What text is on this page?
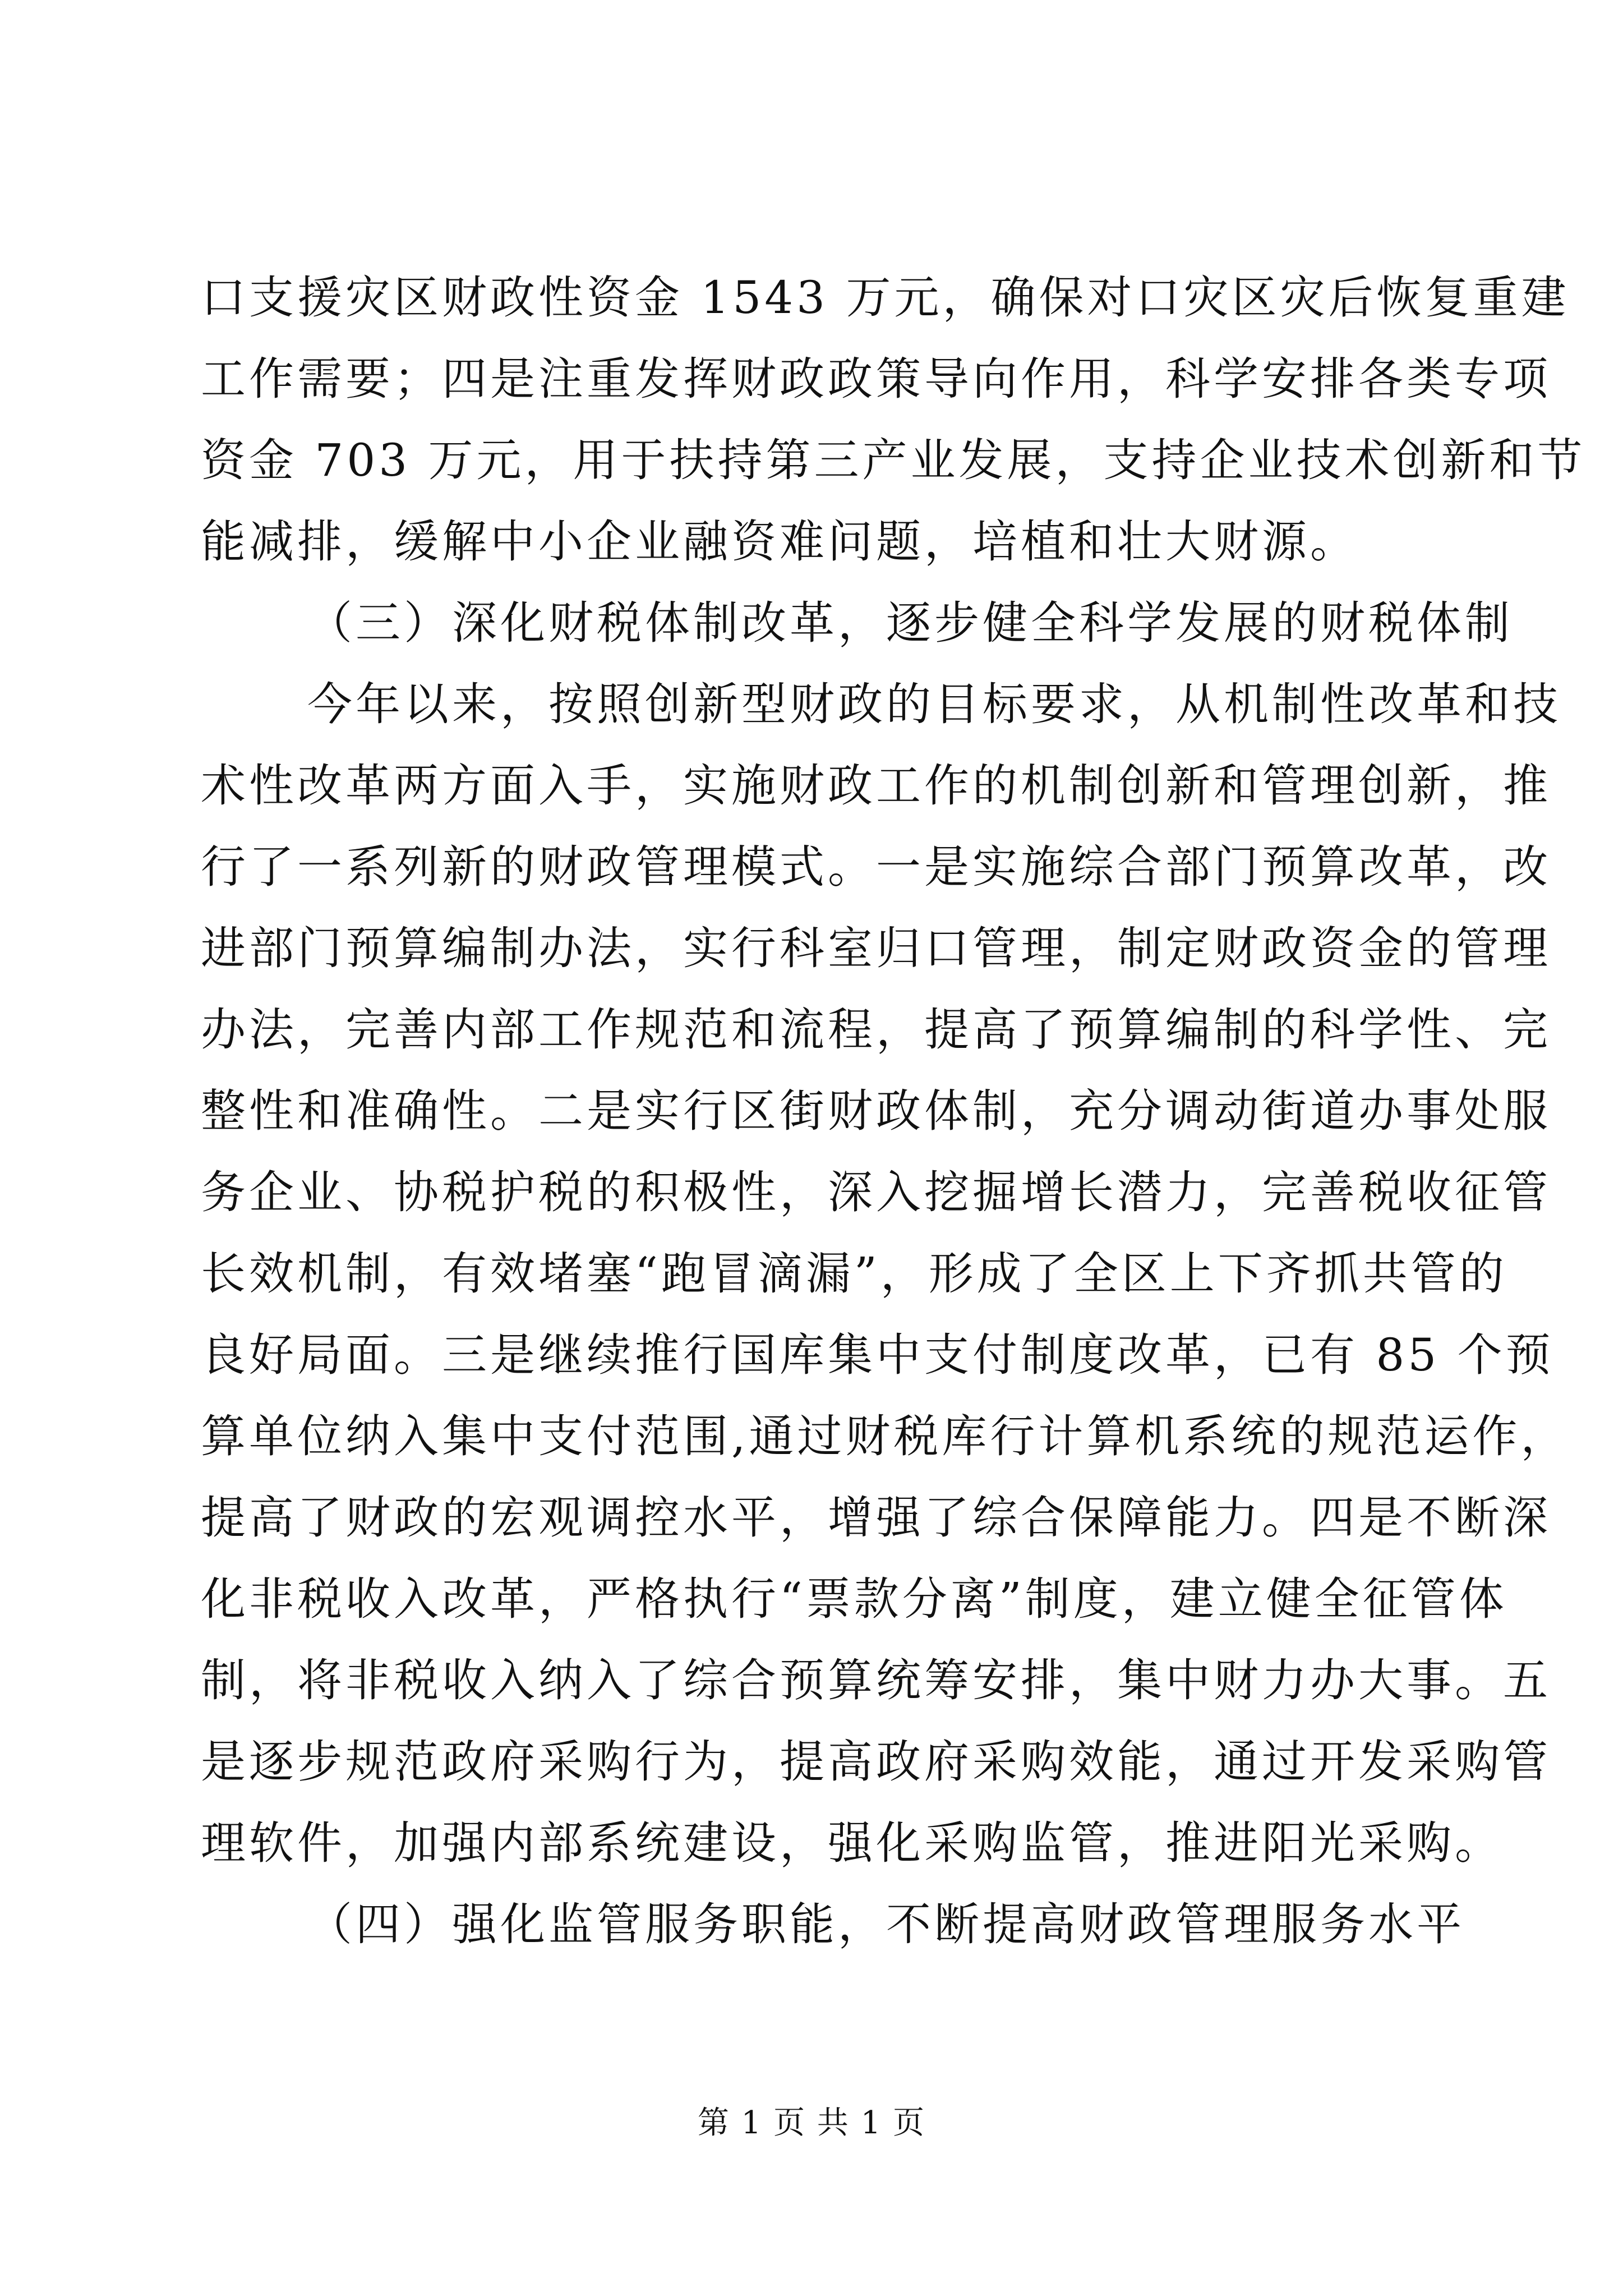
口支援灾区财政性资金 1543 万元，确保对口灾区灾后恢复重建
工作需要；四是注重发挥财政政策导向作用，科学安排各类专项
资金 703 万元，用于扶持第三产业发展，支持企业技术创新和节
能减排，缓解中小企业融资难问题，培植和壮大财源。
（三）深化财税体制改革，逐步健全科学发展的财税体制
今年以来，按照创新型财政的目标要求，从机制性改革和技
术性改革两方面入手，实施财政工作的机制创新和管理创新，推
行了一系列新的财政管理模式。一是实施综合部门预算改革，改
进部门预算编制办法，实行科室归口管理，制定财政资金的管理
办法，完善内部工作规范和流程，提高了预算编制的科学性、完
整性和准确性。二是实行区街财政体制，充分调动街道办事处服
务企业、协税护税的积极性，深入挖掘增长潜力，完善税收征管
长效机制，有效堵塞“跑冒滴漏”，形成了全区上下齐抓共管的
良好局面。三是继续推行国库集中支付制度改革，已有 85 个预
算单位纳入集中支付范围,通过财税库行计算机系统的规范运作，
提高了财政的宏观调控水平，增强了综合保障能力。四是不断深
化非税收入改革，严格执行“票款分离”制度，建立健全征管体
制，将非税收入纳入了综合预算统筹安排，集中财力办大事。五
是逐步规范政府采购行为，提高政府采购效能，通过开发采购管
理软件，加强内部系统建设，强化采购监管，推进阳光采购。
（四）强化监管服务职能，不断提高财政管理服务水平
第 1 页 共 1 页
